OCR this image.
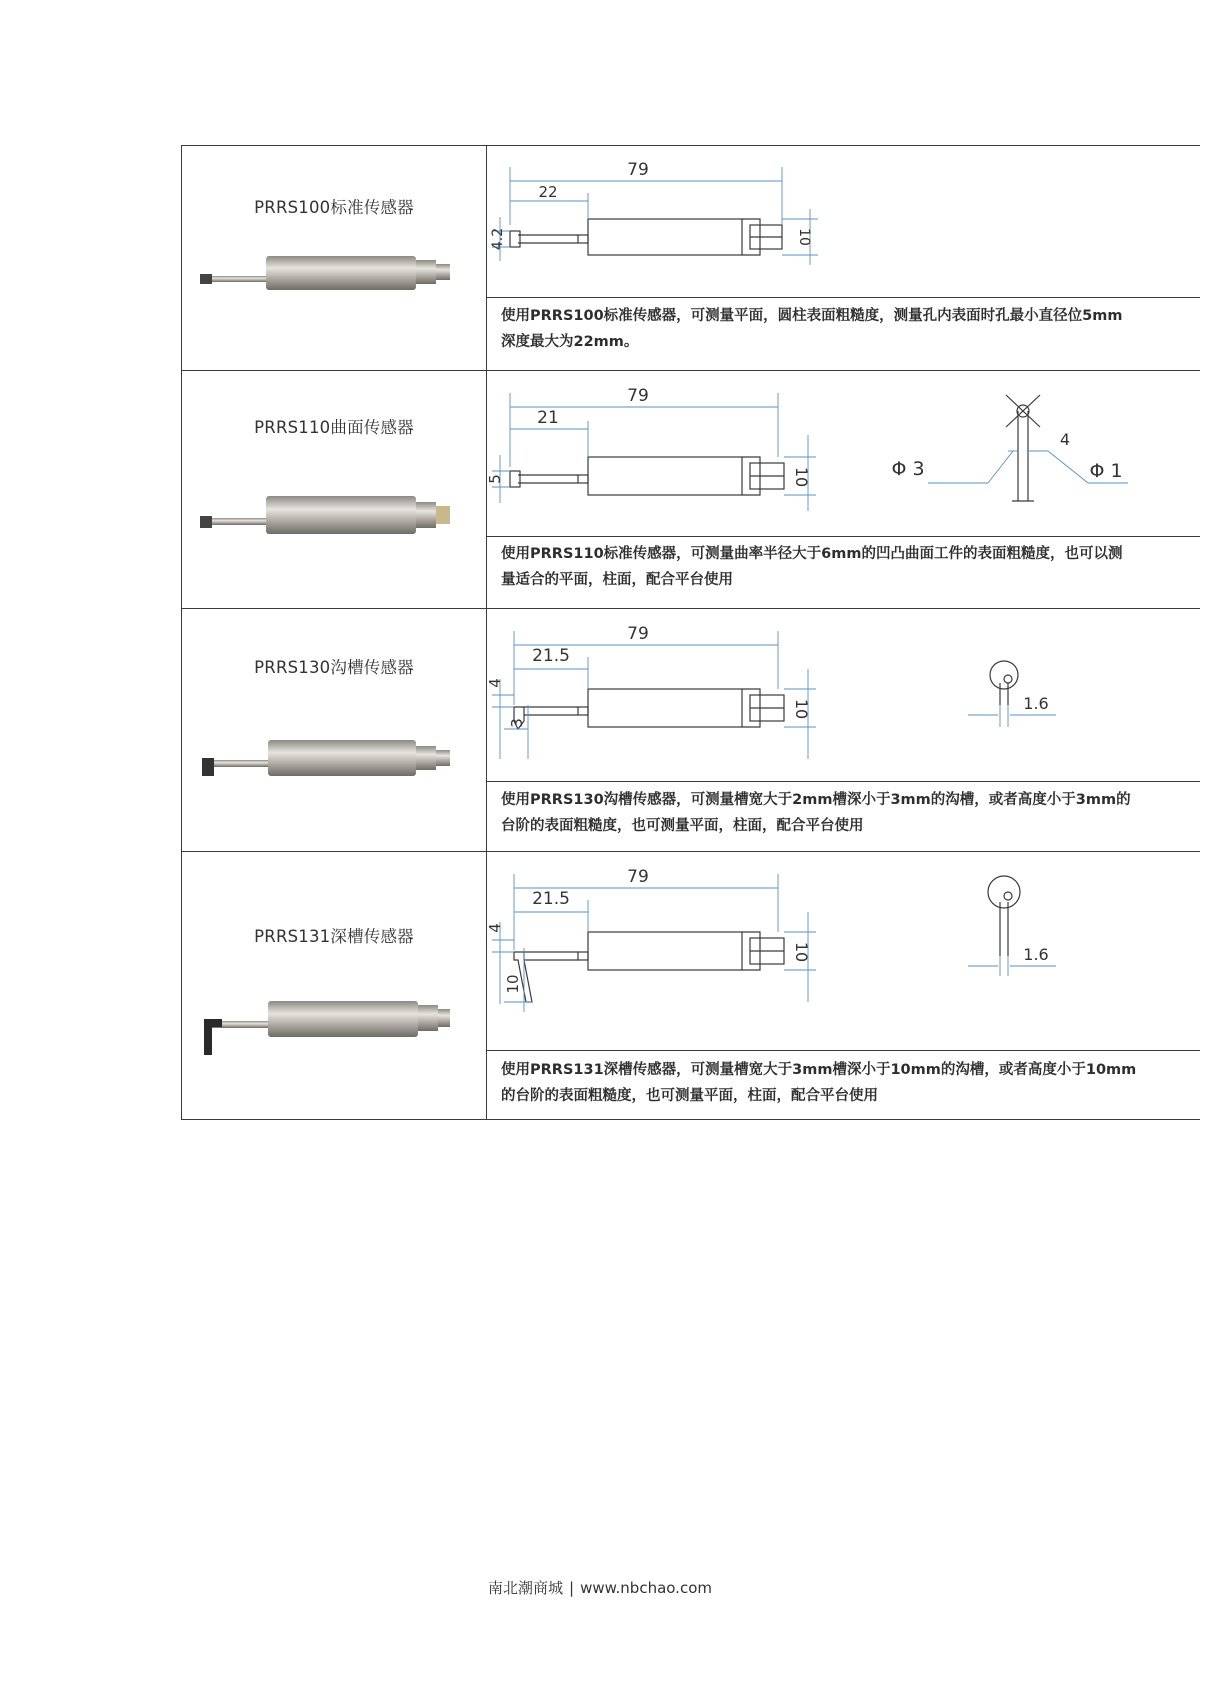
PRRS100标准传感器
79
22
4.2	10
使用PRRS100标准传感器，可测量平面，圆柱表面粗糙度，测量孔内表面时孔最小直径位5mm
深度最大为22mm。
PRRS110曲面传感器
79
21
5	10	Φ 3
4
Φ 1
使用PRRS110标准传感器，可测量曲率半径大于6mm的凹凸曲面工件的表面粗糙度，也可以测
量适合的平面，柱面，配合平台使用
PRRS130沟槽传感器
79
21.5
4
3
10	1.6
使用PRRS130沟槽传感器，可测量槽宽大于2mm槽深小于3mm的沟槽，或者高度小于3mm的
台阶的表面粗糙度，也可测量平面，柱面，配合平台使用
PRRS131深槽传感器
79
21.5
4
10
10	1.6
使用PRRS131深槽传感器，可测量槽宽大于3mm槽深小于10mm的沟槽，或者高度小于10mm
的台阶的表面粗糙度，也可测量平面，柱面，配合平台使用
南北潮商城 | www.nbchao.com
